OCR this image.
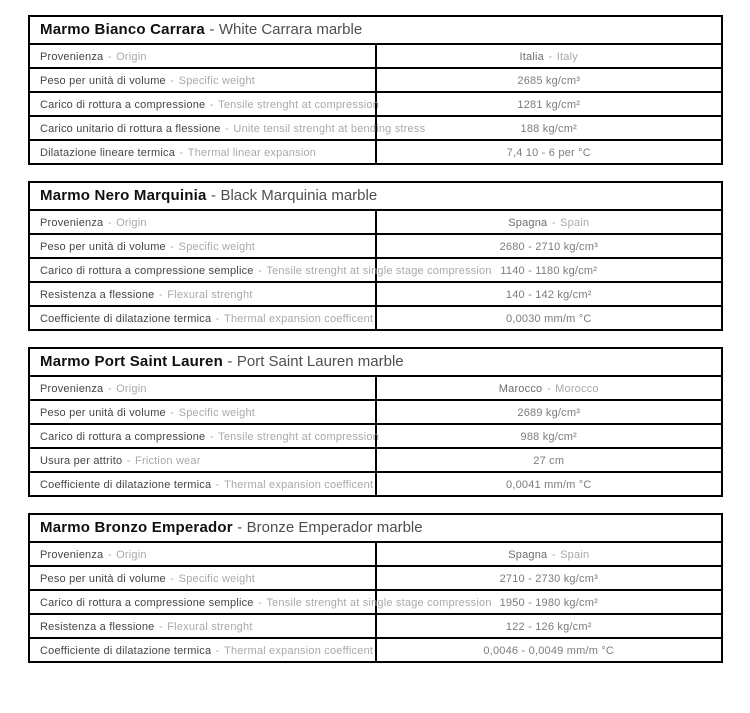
Marmo Bianco Carrara - White Carrara marble	
Provenienza - Origin	Italia - Italy
Peso per unità di volume - Specific weight	2685 kg/cm³
Carico di rottura a compressione - Tensile strenght at compression	1281 kg/cm²
Carico unitario di rottura a flessione - Unite tensil strenght at bending stress	188 kg/cm²
Dilatazione lineare termica - Thermal linear expansion	7,4 10 - 6 per °C
Marmo Nero Marquinia - Black Marquinia marble	
Provenienza - Origin	Spagna - Spain
Peso per unità di volume - Specific weight	2680 - 2710 kg/cm³
Carico di rottura a compressione semplice - Tensile strenght at single stage compression	1140 - 1180 kg/cm²
Resistenza a flessione - Flexural strenght	140 - 142 kg/cm²
Coefficiente di dilatazione termica - Thermal expansion coefficent	0,0030 mm/m °C
Marmo Port Saint Lauren - Port Saint Lauren marble	
Provenienza - Origin	Marocco - Morocco
Peso per unità di volume - Specific weight	2689 kg/cm³
Carico di rottura a compressione - Tensile strenght at compression	988 kg/cm²
Usura per attrito - Friction wear	27 cm
Coefficiente di dilatazione termica - Thermal expansion coefficent	0,0041 mm/m °C
Marmo Bronzo Emperador - Bronze Emperador marble	
Provenienza - Origin	Spagna - Spain
Peso per unità di volume - Specific weight	2710 - 2730 kg/cm³
Carico di rottura a compressione semplice - Tensile strenght at single stage compression	1950 - 1980 kg/cm²
Resistenza a flessione - Flexural strenght	122 - 126 kg/cm²
Coefficiente di dilatazione termica - Thermal expansion coefficent	0,0046 - 0,0049 mm/m °C
